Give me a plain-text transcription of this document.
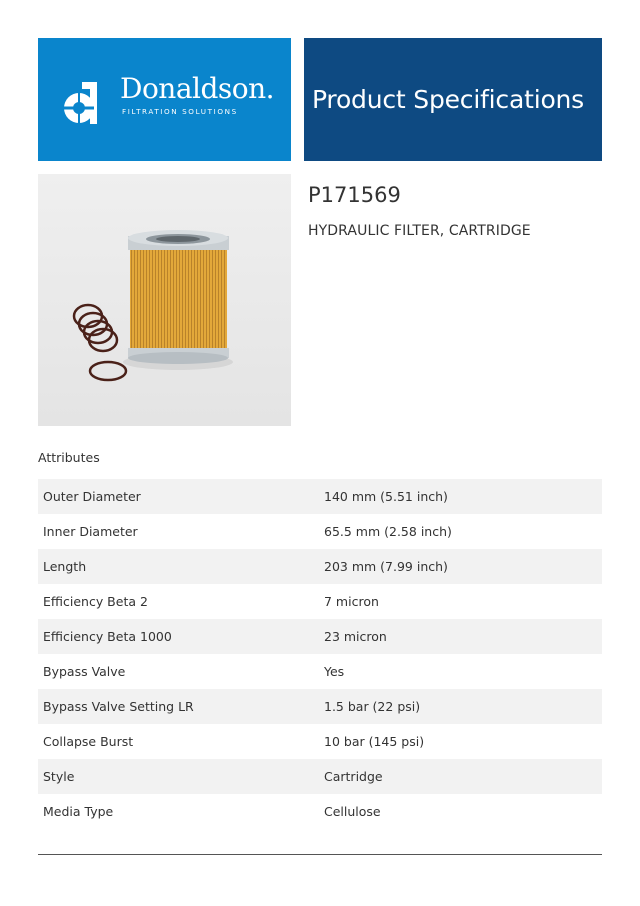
Donaldson.
FILTRATION SOLUTIONS	Product Specifications
P171569
HYDRAULIC FILTER, CARTRIDGE
Attributes
Outer Diameter	140 mm (5.51 inch)
Inner Diameter	65.5 mm (2.58 inch)
Length	203 mm (7.99 inch)
Efficiency Beta 2	7 micron
Efficiency Beta 1000	23 micron
Bypass Valve	Yes
Bypass Valve Setting LR	1.5 bar (22 psi)
Collapse Burst	10 bar (145 psi)
Style	Cartridge
Media Type	Cellulose
